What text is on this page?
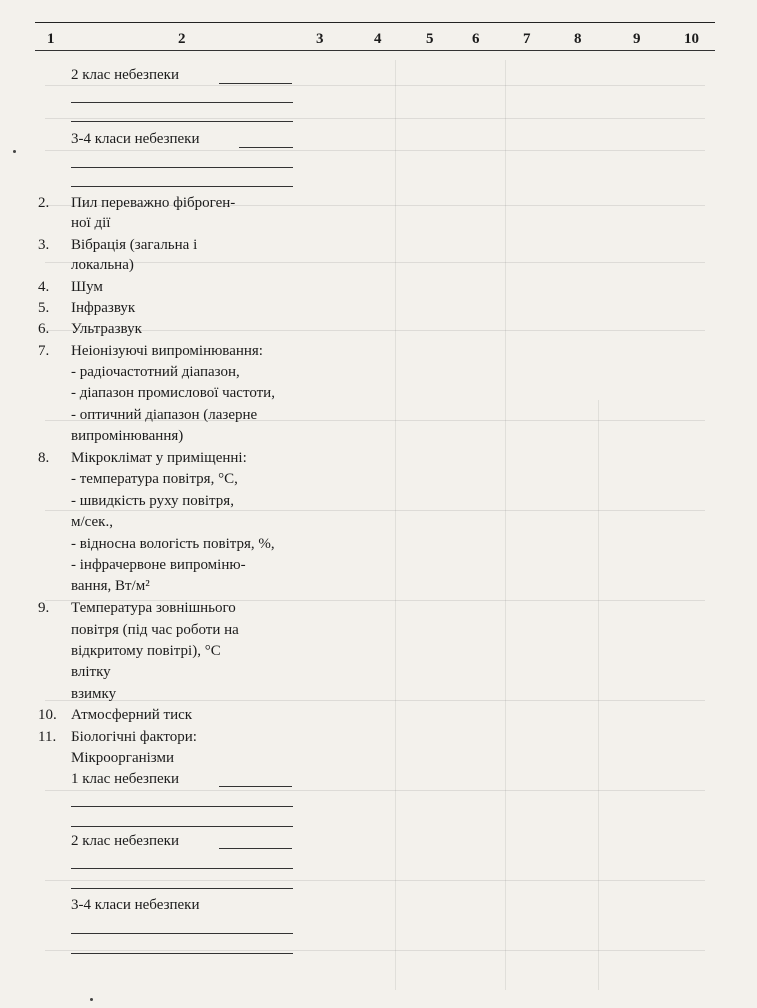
1	2	3	4	5	6	7	8	9	10
2 клас небезпеки
3-4 класи небезпеки
2. Пил переважно фіброген-
ної дії
3. Вібрація (загальна і
локальна)
4. Шум
5. Інфразвук
6. Ультразвук
7. Неіонізуючі випромінювання:
- радіочастотний діапазон,
- діапазон промислової частоти,
- оптичний діапазон (лазерне
випромінювання)
8. Мікроклімат у приміщенні:
- температура повітря, °С,
- швидкість руху повітря,
м/сек.,
- відносна вологість повітря, %,
- інфрачервоне випроміню-
вання, Вт/м²
9. Температура зовнішнього
повітря (під час роботи на
відкритому повітрі), °С
влітку
взимку
10. Атмосферний тиск
11. Біологічні фактори:
Мікроорганізми
1 клас небезпеки
2 клас небезпеки
3-4 класи небезпеки
